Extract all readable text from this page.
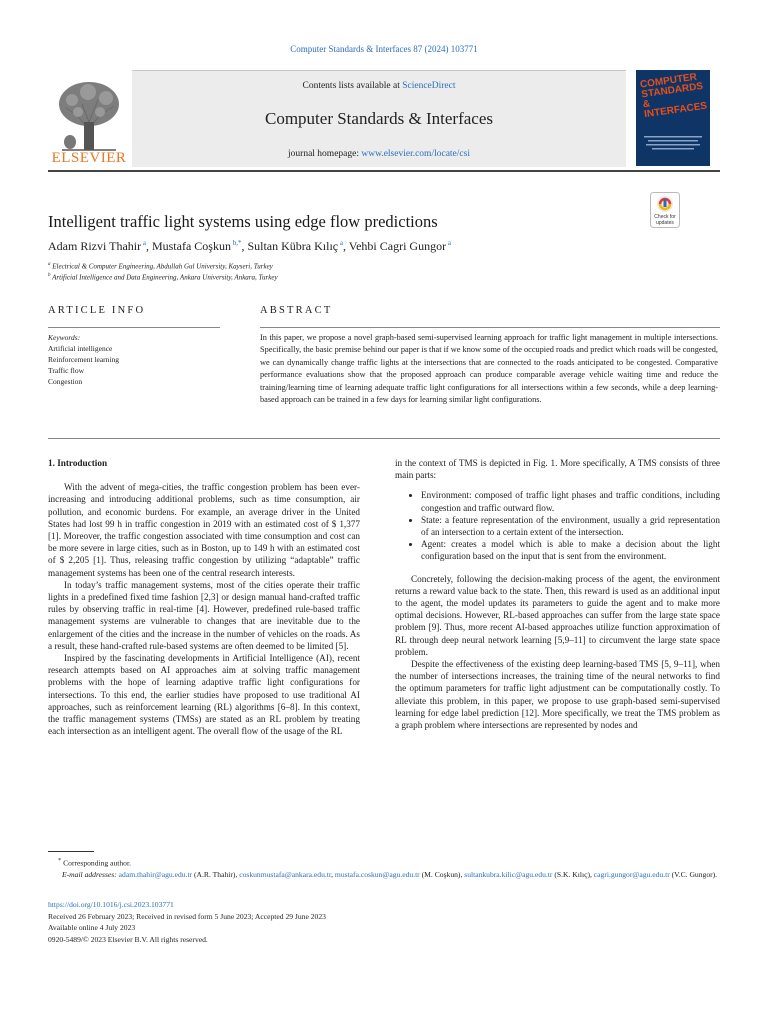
Computer Standards & Interfaces 87 (2024) 103771
ELSEVIER
Contents lists available at ScienceDirect
Computer Standards & Interfaces
journal homepage: www.elsevier.com/locate/csi
COMPUTER STANDARDS & INTERFACES
Intelligent traffic light systems using edge flow predictions	Check for updates
Adam Rizvi Thahir $^a$, Mustafa Coşkun $^{b,*}$, Sultan Kübra Kılıç $^a$, Vehbi Cagri Gungor $^a$
$^a$ Electrical & Computer Engineering, Abdullah Gul University, Kayseri, Turkey
$^b$ Artificial Intelligence and Data Engineering, Ankara University, Ankara, Turkey
ARTICLE INFO	ABSTRACT
Keywords:
Artificial intelligence
Reinforcement learning
Traffic flow
Congestion
In this paper, we propose a novel graph-based semi-supervised learning approach for traffic light management in multiple intersections. Specifically, the basic premise behind our paper is that if we know some of the occupied roads and predict which roads will be congested, we can dynamically change traffic lights at the intersections that are connected to the roads anticipated to be congested. Comparative performance evaluations show that the proposed approach can produce comparable average vehicle waiting time and reduce the training/learning time of learning adequate traffic light configurations for all intersections within a few seconds, while a deep learning-based approach can be trained in a few days for learning similar light configurations.

1. Introduction

With the advent of mega-cities, the traffic congestion problem has been ever-increasing and introducing additional problems, such as time consumption, air pollution, and economic burdens. For example, an average driver in the United States had lost 99 h in traffic congestion in 2019 with an estimated cost of $ 1,377 [1]. Moreover, the traffic congestion associated with time consumption and cost can be more severe in large cities, such as in Boston, up to 149 h with an estimated cost of $ 2,205 [1]. Thus, releasing traffic congestion by utilizing “adaptable” traffic management systems has been one of the central research interests.

In today’s traffic management systems, most of the cities operate their traffic lights in a predefined fixed time fashion [2,3] or design manual hand-crafted traffic rules by observing traffic in real-time [4]. However, predefined rule-based traffic management systems are vulnerable to changes that are inevitable due to the enlargement of the cities and the increase in the number of vehicles on the roads. As a result, these hand-crafted rule-based systems are often deemed to be limited [5].

Inspired by the fascinating developments in Artificial Intelligence (AI), recent research attempts based on AI approaches aim at solving traffic management problems with the hope of learning adaptive traffic light configurations for intersections. To this end, the earlier studies have proposed to use traditional AI approaches, such as reinforcement learning (RL) algorithms [6–8]. In this context, the traffic management systems (TMSs) are stated as an RL problem by treating each intersection as an intelligent agent. The overall flow of the usage of the RL

in the context of TMS is depicted in Fig. 1. More specifically, A TMS consists of three main parts:

• Environment: composed of traffic light phases and traffic conditions, including congestion and traffic outward flow.
• State: a feature representation of the environment, usually a grid representation of an intersection to a certain extent of the intersection.
• Agent: creates a model which is able to make a decision about the light configuration based on the input that is sent from the environment.

Concretely, following the decision-making process of the agent, the environment returns a reward value back to the state. Then, this reward is used as an additional input to the agent, the model updates its parameters to guide the agent and to make more optimal decisions. However, RL-based approaches can suffer from the large state space problem [9]. Thus, more recent AI-based approaches utilize function approximation of RL through deep neural network learning [5,9–11] to circumvent the large state space problem.

Despite the effectiveness of the existing deep learning-based TMS [5, 9–11], when the number of intersections increases, the training time of the neural networks to find the optimum parameters for traffic light adjustment can be computationally costly. To alleviate this problem, in this paper, we propose to use graph-based semi-supervised learning for edge label prediction [12]. More specifically, we treat the TMS problem as a graph problem where intersections are represented by nodes and

* Corresponding author.
E-mail addresses: adam.thahir@agu.edu.tr (A.R. Thahir), coskunmustafa@ankara.edu.tr, mustafa.coskun@agu.edu.tr (M. Coşkun), sultankubra.kilic@agu.edu.tr (S.K. Kılıç), cagri.gungor@agu.edu.tr (V.C. Gungor).
https://doi.org/10.1016/j.csi.2023.103771
Received 26 February 2023; Received in revised form 5 June 2023; Accepted 29 June 2023
Available online 4 July 2023
0920-5489/© 2023 Elsevier B.V. All rights reserved.
